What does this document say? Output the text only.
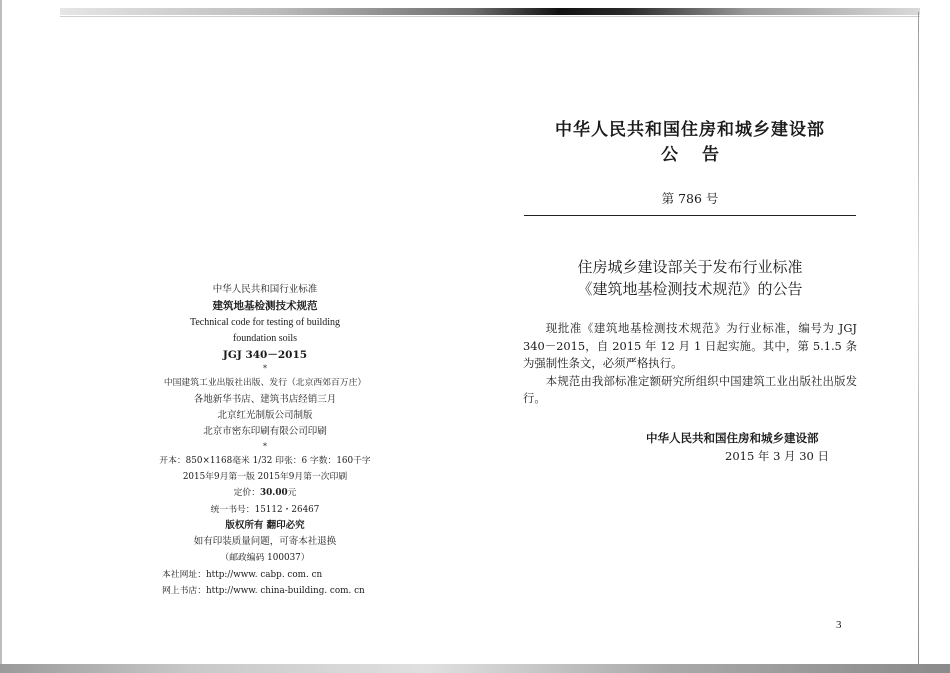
中华人民共和国行业标准
建筑地基检测技术规范
Technical code for testing of building
foundation soils
JGJ 340－2015
*
中国建筑工业出版社出版、发行（北京西郊百万庄）
各地新华书店、建筑书店经销三月
北京红光制版公司制版
北京市密东印刷有限公司印刷
*
开本：850×1168毫米 1/32 印张：6 字数：160千字
2015年9月第一版 2015年9月第一次印刷
定价：30.00元
统一书号：15112・26467
版权所有 翻印必究
如有印装质量问题，可寄本社退换
（邮政编码 100037）
本社网址：http://www. cabp. com. cn
网上书店：http://www. china-building. com. cn
中华人民共和国住房和城乡建设部
公告
第 786 号
住房城乡建设部关于发布行业标准
《建筑地基检测技术规范》的公告

现批准《建筑地基检测技术规范》为行业标准，编号为 JGJ 340－2015，自 2015 年 12 月 1 日起实施。其中，第 5.1.5 条为强制性条文，必须严格执行。

本规范由我部标准定额研究所组织中国建筑工业出版社出版发行。

中华人民共和国住房和城乡建设部
2015 年 3 月 30 日
3
